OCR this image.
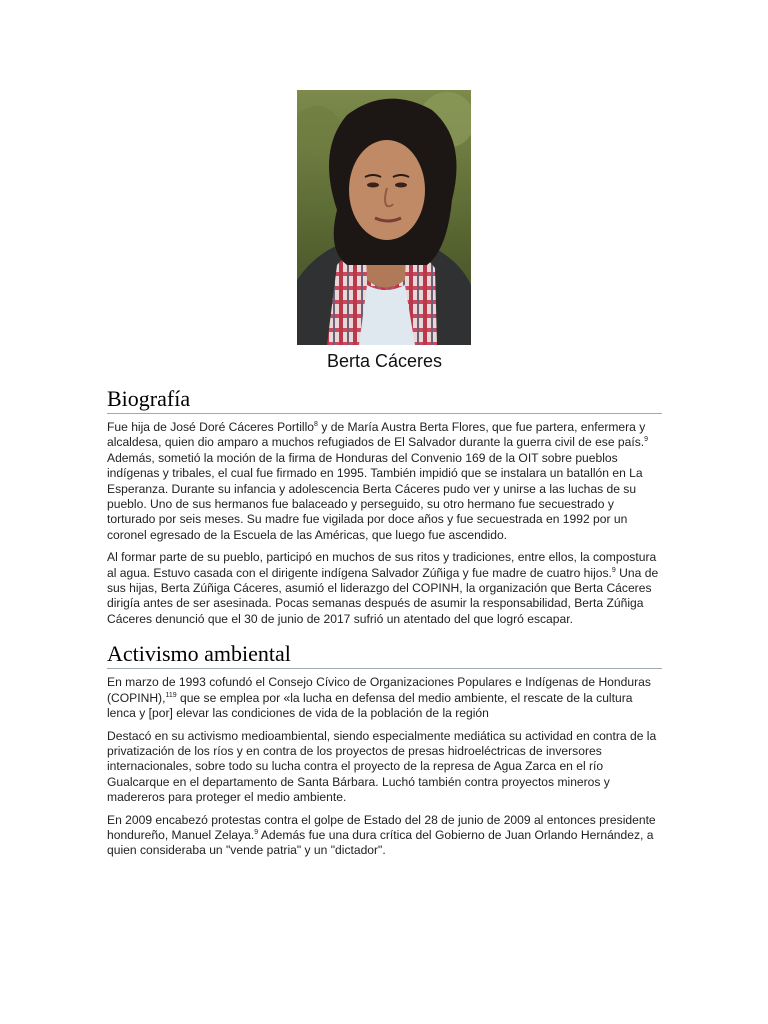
Berta Cáceres
Biografía

Fue hija de José Doré Cáceres Portillo$^8$ y de María Austra Berta Flores, que fue partera, enfermera y alcaldesa, quien dio amparo a muchos refugiados de El Salvador durante la guerra civil de ese país.$^9$ Además, sometió la moción de la firma de Honduras del Convenio 169 de la OIT sobre pueblos indígenas y tribales, el cual fue firmado en 1995. También impidió que se instalara un batallón en La Esperanza. Durante su infancia y adolescencia Berta Cáceres pudo ver y unirse a las luchas de su pueblo. Uno de sus hermanos fue balaceado y perseguido, su otro hermano fue secuestrado y torturado por seis meses. Su madre fue vigilada por doce años y fue secuestrada en 1992 por un coronel egresado de la Escuela de las Américas, que luego fue ascendido.

Al formar parte de su pueblo, participó en muchos de sus ritos y tradiciones, entre ellos, la compostura al agua. Estuvo casada con el dirigente indígena Salvador Zúñiga y fue madre de cuatro hijos.$^9$ Una de sus hijas, Berta Zúñiga Cáceres, asumió el liderazgo del COPINH, la organización que Berta Cáceres dirigía antes de ser asesinada. Pocas semanas después de asumir la responsabilidad, Berta Zúñiga Cáceres denunció que el 30 de junio de 2017 sufrió un atentado del que logró escapar.

Activismo ambiental

En marzo de 1993 cofundó el Consejo Cívico de Organizaciones Populares e Indígenas de Honduras (COPINH),$^{119}$ que se emplea por «la lucha en defensa del medio ambiente, el rescate de la cultura lenca y [por] elevar las condiciones de vida de la población de la región

Destacó en su activismo medioambiental, siendo especialmente mediática su actividad en contra de la privatización de los ríos y en contra de los proyectos de presas hidroeléctricas de inversores internacionales, sobre todo su lucha contra el proyecto de la represa de Agua Zarca en el río Gualcarque en el departamento de Santa Bárbara. Luchó también contra proyectos mineros y madereros para proteger el medio ambiente.

En 2009 encabezó protestas contra el golpe de Estado del 28 de junio de 2009 al entonces presidente hondureño, Manuel Zelaya.$^9$ Además fue una dura crítica del Gobierno de Juan Orlando Hernández, a quien consideraba un "vende patria" y un "dictador".
